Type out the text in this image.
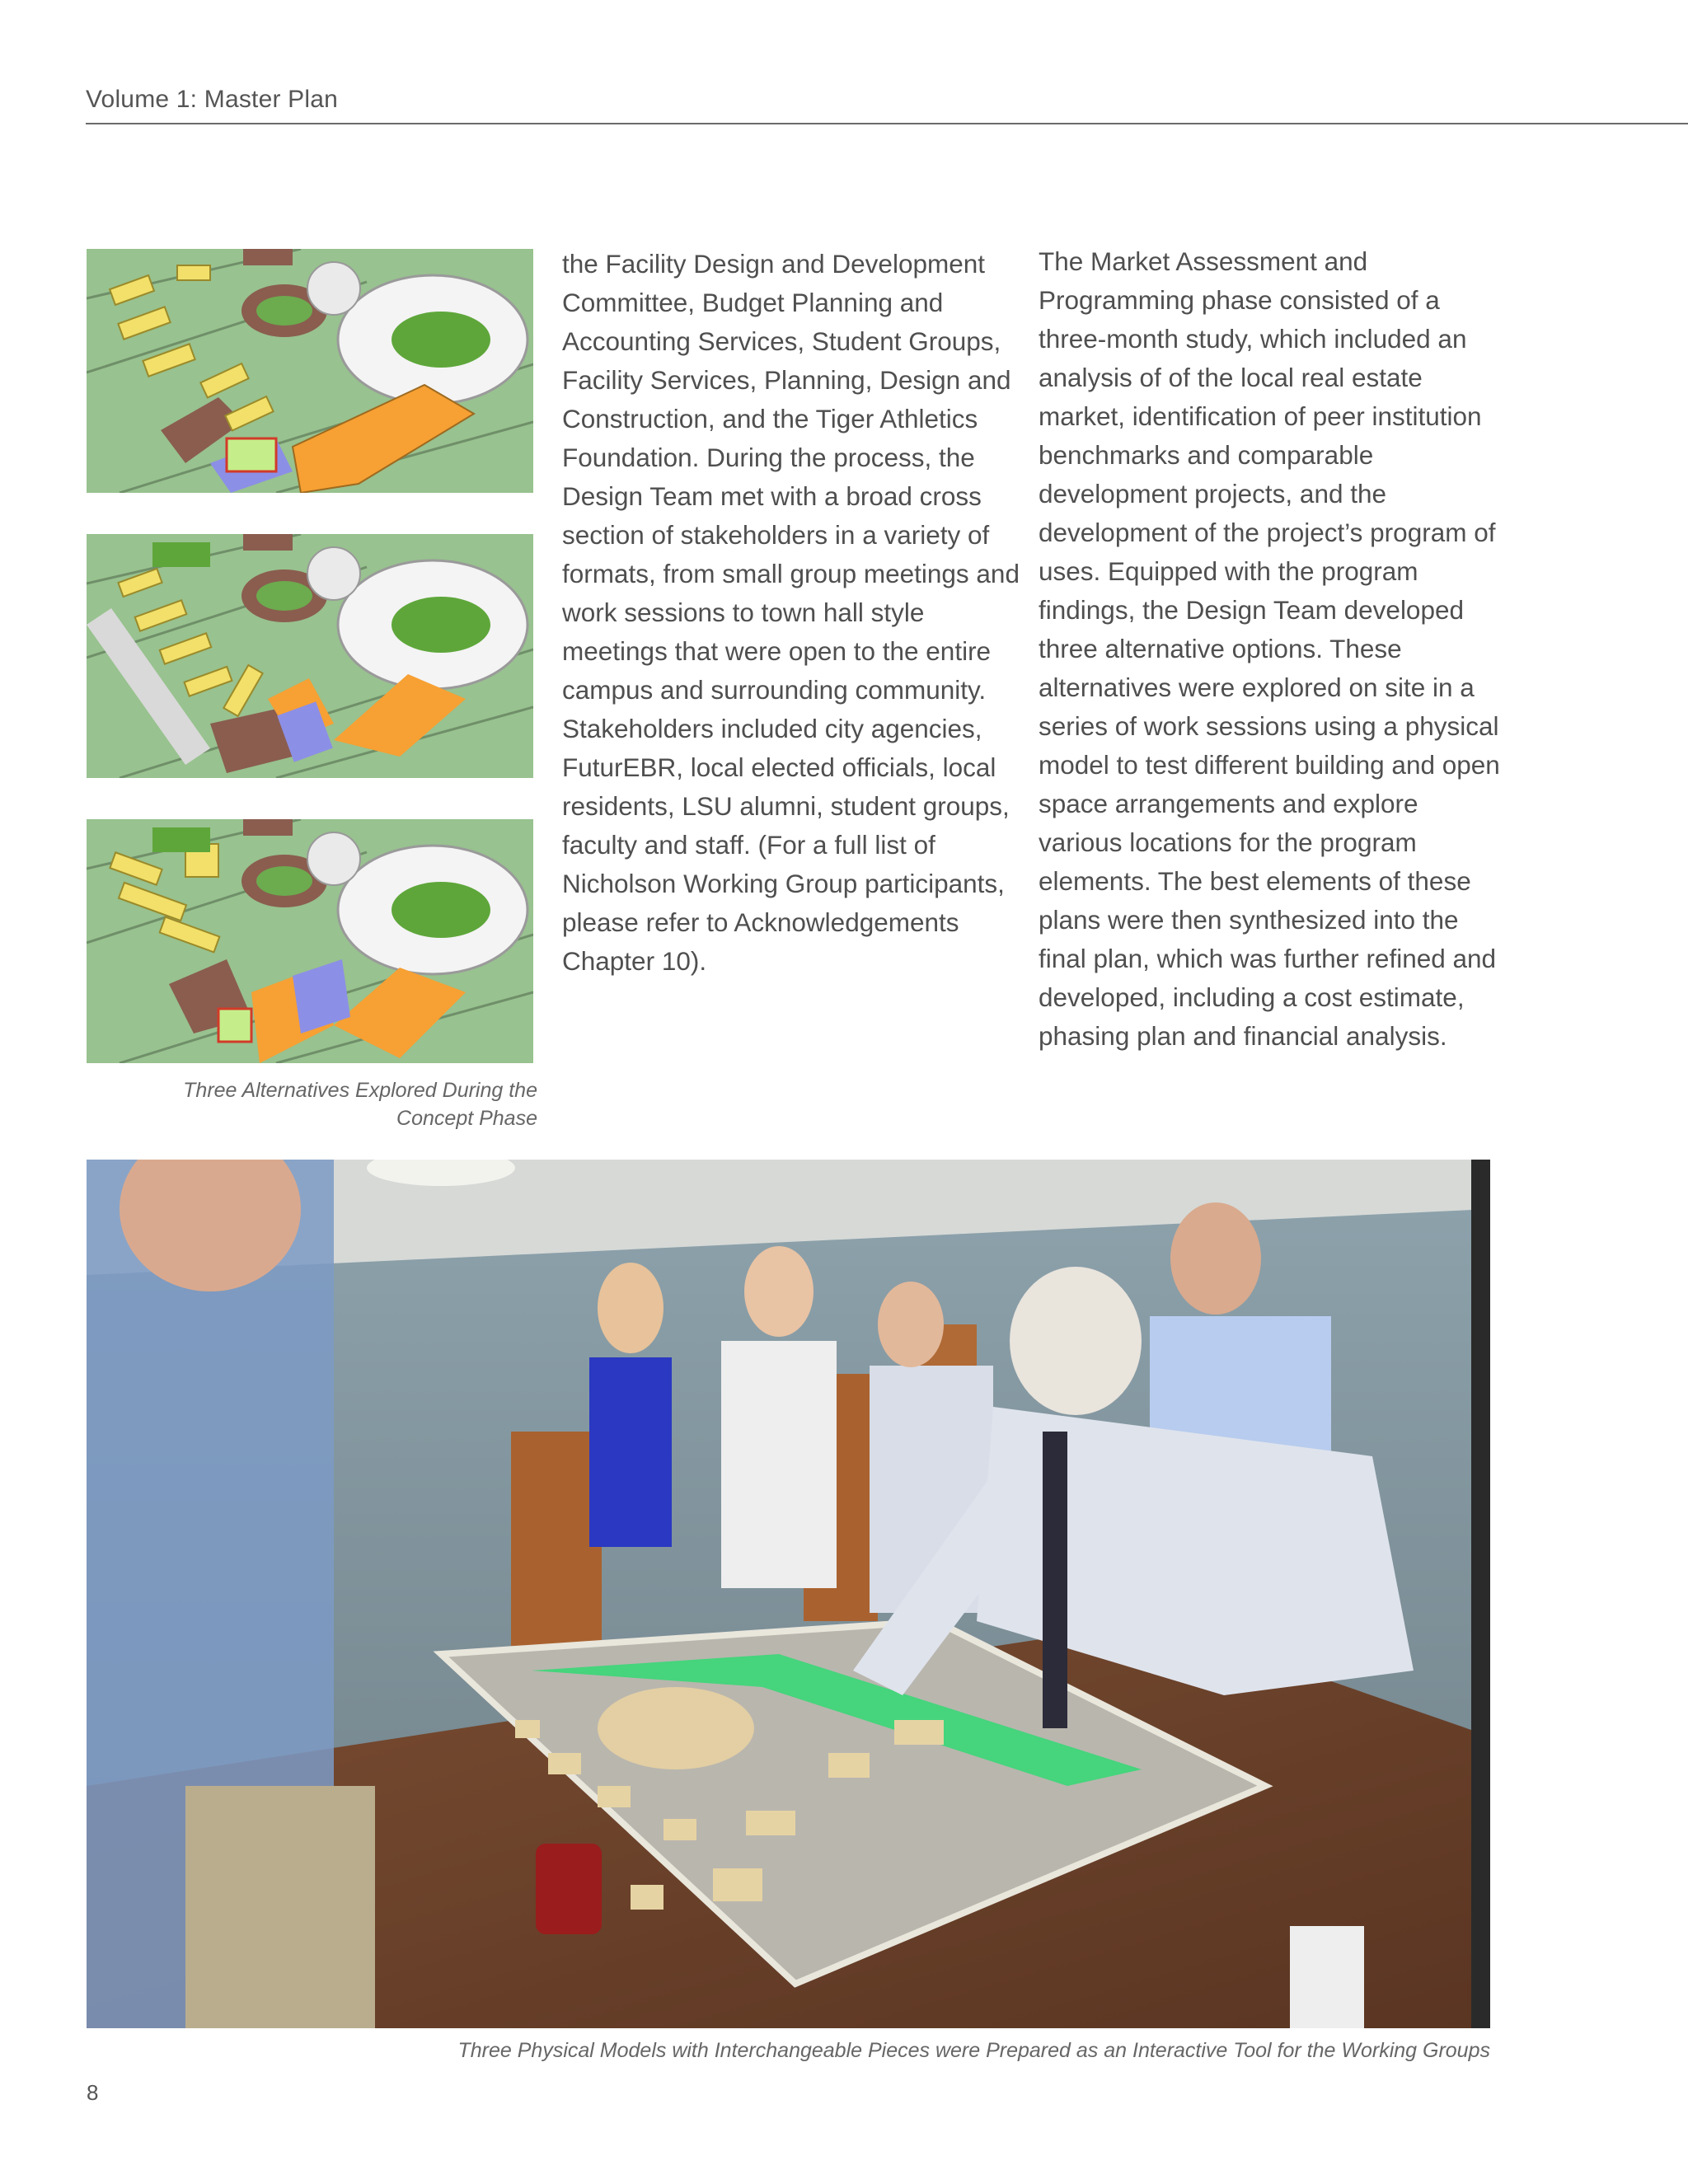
Volume 1: Master Plan
Three Alternatives Explored During the
Concept Phase

the Facility Design and Development Committee, Budget Planning and Accounting Services, Student Groups, Facility Services, Planning, Design and Construction, and the Tiger Athletics Foundation. During the process, the Design Team met with a broad cross section of stakeholders in a variety of formats, from small group meetings and work sessions to town hall style meetings that were open to the entire campus and surrounding community. Stakeholders included city agencies, FuturEBR, local elected officials, local residents, LSU alumni, student groups, faculty and staff. (For a full list of Nicholson Working Group participants, please refer to Acknowledgements Chapter 10).

The Market Assessment and Programming phase consisted of a three-month study, which included an analysis of of the local real estate market, identification of peer institution benchmarks and comparable development projects, and the development of the project’s program of uses. Equipped with the program findings, the Design Team developed three alternative options. These alternatives were explored on site in a series of work sessions using a physical model to test different building and open space arrangements and explore various locations for the program elements. The best elements of these plans were then synthesized into the final plan, which was further refined and developed, including a cost estimate, phasing plan and financial analysis.

Three Physical Models with Interchangeable Pieces were Prepared as an Interactive Tool for the Working Groups
8
